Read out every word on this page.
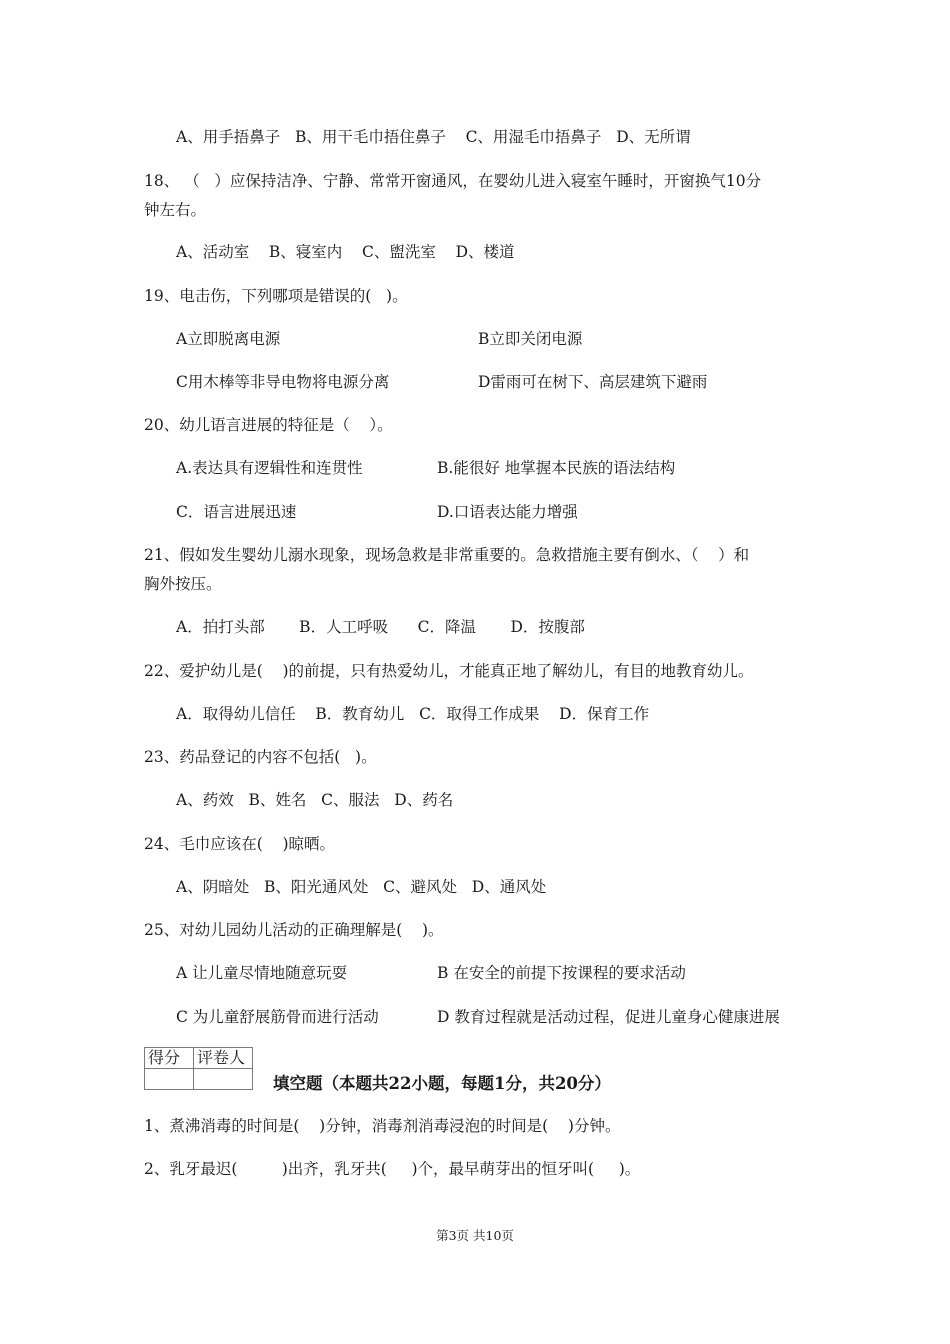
A、用手捂鼻子   B、用干毛巾捂住鼻子    C、用湿毛巾捂鼻子   D、无所谓
18、 （   ）应保持洁净、宁静、常常开窗通风，在婴幼儿进入寝室午睡时，开窗换气10分
钟左右。
A、活动室    B、寝室内    C、盥洗室    D、楼道
19、电击伤，下列哪项是错误的(   )。
A立即脱离电源	B立即关闭电源
C用木棒等非导电物将电源分离	D雷雨可在树下、高层建筑下避雨
20、幼儿语言进展的特征是（    ）。
A.表达具有逻辑性和连贯性	B.能很好 地掌握本民族的语法结构
C．语言进展迅速	D.口语表达能力增强
21、假如发生婴幼儿溺水现象，现场急救是非常重要的。急救措施主要有倒水、（    ）和
胸外按压。
A．拍打头部       B．人工呼吸      C．降温       D．按腹部
22、爱护幼儿是(    )的前提，只有热爱幼儿，才能真正地了解幼儿，有目的地教育幼儿。
A．取得幼儿信任    B．教育幼儿   C．取得工作成果    D．保育工作
23、药品登记的内容不包括(   )。
A、药效   B、姓名   C、服法   D、药名
24、毛巾应该在(    )晾晒。
A、阴暗处   B、阳光通风处   C、避风处   D、通风处
25、对幼儿园幼儿活动的正确理解是(    )。
A 让儿童尽情地随意玩耍	B 在安全的前提下按课程的要求活动
C 为儿童舒展筋骨而进行活动	D 教育过程就是活动过程，促进儿童身心健康进展
得分	评卷人

填空题（本题共22小题，每题1分，共20分）
1、煮沸消毒的时间是(    )分钟，消毒剂消毒浸泡的时间是(    )分钟。
2、乳牙最迟(         )出齐，乳牙共(     )个，最早萌芽出的恒牙叫(     )。
第3页 共10页
